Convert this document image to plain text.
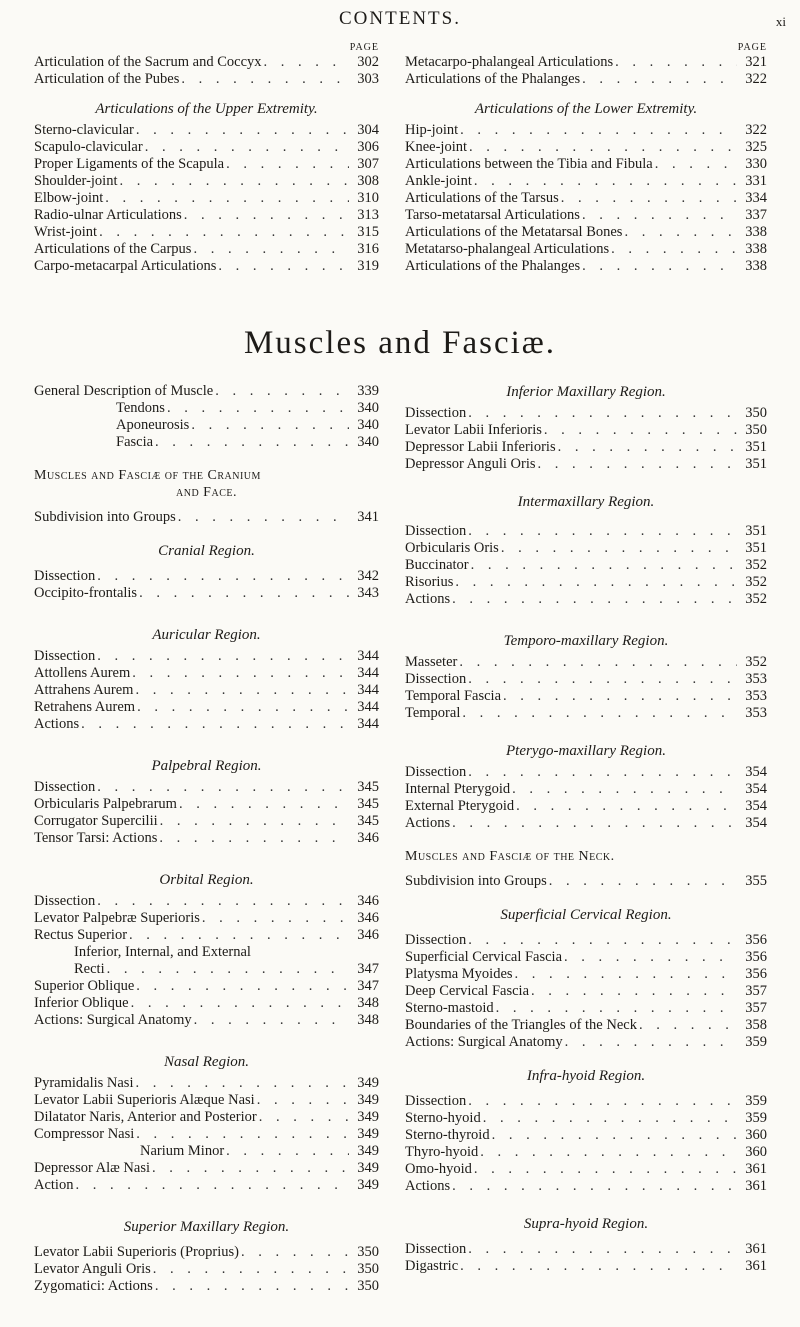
CONTENTS.	xi
PAGE
Articulation of the Sacrum and Coccyx . . .	302
Articulation of the Pubes . . .	303
Articulations of the Upper Extremity.
Sterno-clavicular . . .	304
Scapulo-clavicular . . .	306
Proper Ligaments of the Scapula . . .	307
Shoulder-joint . . .	308
Elbow-joint . . .	310
Radio-ulnar Articulations . . .	313
Wrist-joint . . .	315
Articulations of the Carpus . . .	316
Carpo-metacarpal Articulations . . .	319
PAGE
Metacarpo-phalangeal Articulations . . .	321
Articulations of the Phalanges . . .	322
Articulations of the Lower Extremity.
Hip-joint . . .	322
Knee-joint . . .	325
Articulations between the Tibia and Fibula . . .	330
Ankle-joint . . .	331
Articulations of the Tarsus . . .	334
Tarso-metatarsal Articulations . . .	337
Articulations of the Metatarsal Bones . . .	338
Metatarso-phalangeal Articulations . . .	338
Articulations of the Phalanges . . .	338
Muscles and Fasciæ.
General Description of Muscle . . .	339
Tendons . . .	340
Aponeurosis . . .	340
Fascia . . .	340
Muscles and Fasciæ of the Cranium
and Face.
Subdivision into Groups . . .	341
Cranial Region.
Dissection . . .	342
Occipito-frontalis . . .	343
Auricular Region.
Dissection . . .	344
Attollens Aurem . . .	344
Attrahens Aurem . . .	344
Retrahens Aurem . . .	344
Actions . . .	344
Palpebral Region.
Dissection . . .	345
Orbicularis Palpebrarum . . .	345
Corrugator Supercilii . . .	345
Tensor Tarsi: Actions . . .	346
Orbital Region.
Dissection . . .	346
Levator Palpebræ Superioris . . .	346
Rectus Superior . . .	346
Inferior, Internal, and External
Recti . . .	347
Superior Oblique . . .	347
Inferior Oblique . . .	348
Actions: Surgical Anatomy . . .	348
Nasal Region.
Pyramidalis Nasi . . .	349
Levator Labii Superioris Alæque Nasi . . .	349
Dilatator Naris, Anterior and Posterior . . .	349
Compressor Nasi . . .	349
Narium Minor . . .	349
Depressor Alæ Nasi . . .	349
Action . . .	349
Superior Maxillary Region.
Levator Labii Superioris (Proprius) . . .	350
Levator Anguli Oris . . .	350
Zygomatici: Actions . . .	350
Inferior Maxillary Region.
Dissection . . .	350
Levator Labii Inferioris . . .	350
Depressor Labii Inferioris . . .	351
Depressor Anguli Oris . . .	351
Intermaxillary Region.
Dissection . . .	351
Orbicularis Oris . . .	351
Buccinator . . .	352
Risorius . . .	352
Actions . . .	352
Temporo-maxillary Region.
Masseter . . .	352
Dissection . . .	353
Temporal Fascia . . .	353
Temporal . . .	353
Pterygo-maxillary Region.
Dissection . . .	354
Internal Pterygoid . . .	354
External Pterygoid . . .	354
Actions . . .	354
Muscles and Fasciæ of the Neck.
Subdivision into Groups . . .	355
Superficial Cervical Region.
Dissection . . .	356
Superficial Cervical Fascia . . .	356
Platysma Myoides . . .	356
Deep Cervical Fascia . . .	357
Sterno-mastoid . . .	357
Boundaries of the Triangles of the Neck . . .	358
Actions: Surgical Anatomy . . .	359
Infra-hyoid Region.
Dissection . . .	359
Sterno-hyoid . . .	359
Sterno-thyroid . . .	360
Thyro-hyoid . . .	360
Omo-hyoid . . .	361
Actions . . .	361
Supra-hyoid Region.
Dissection . . .	361
Digastric . . .	361
